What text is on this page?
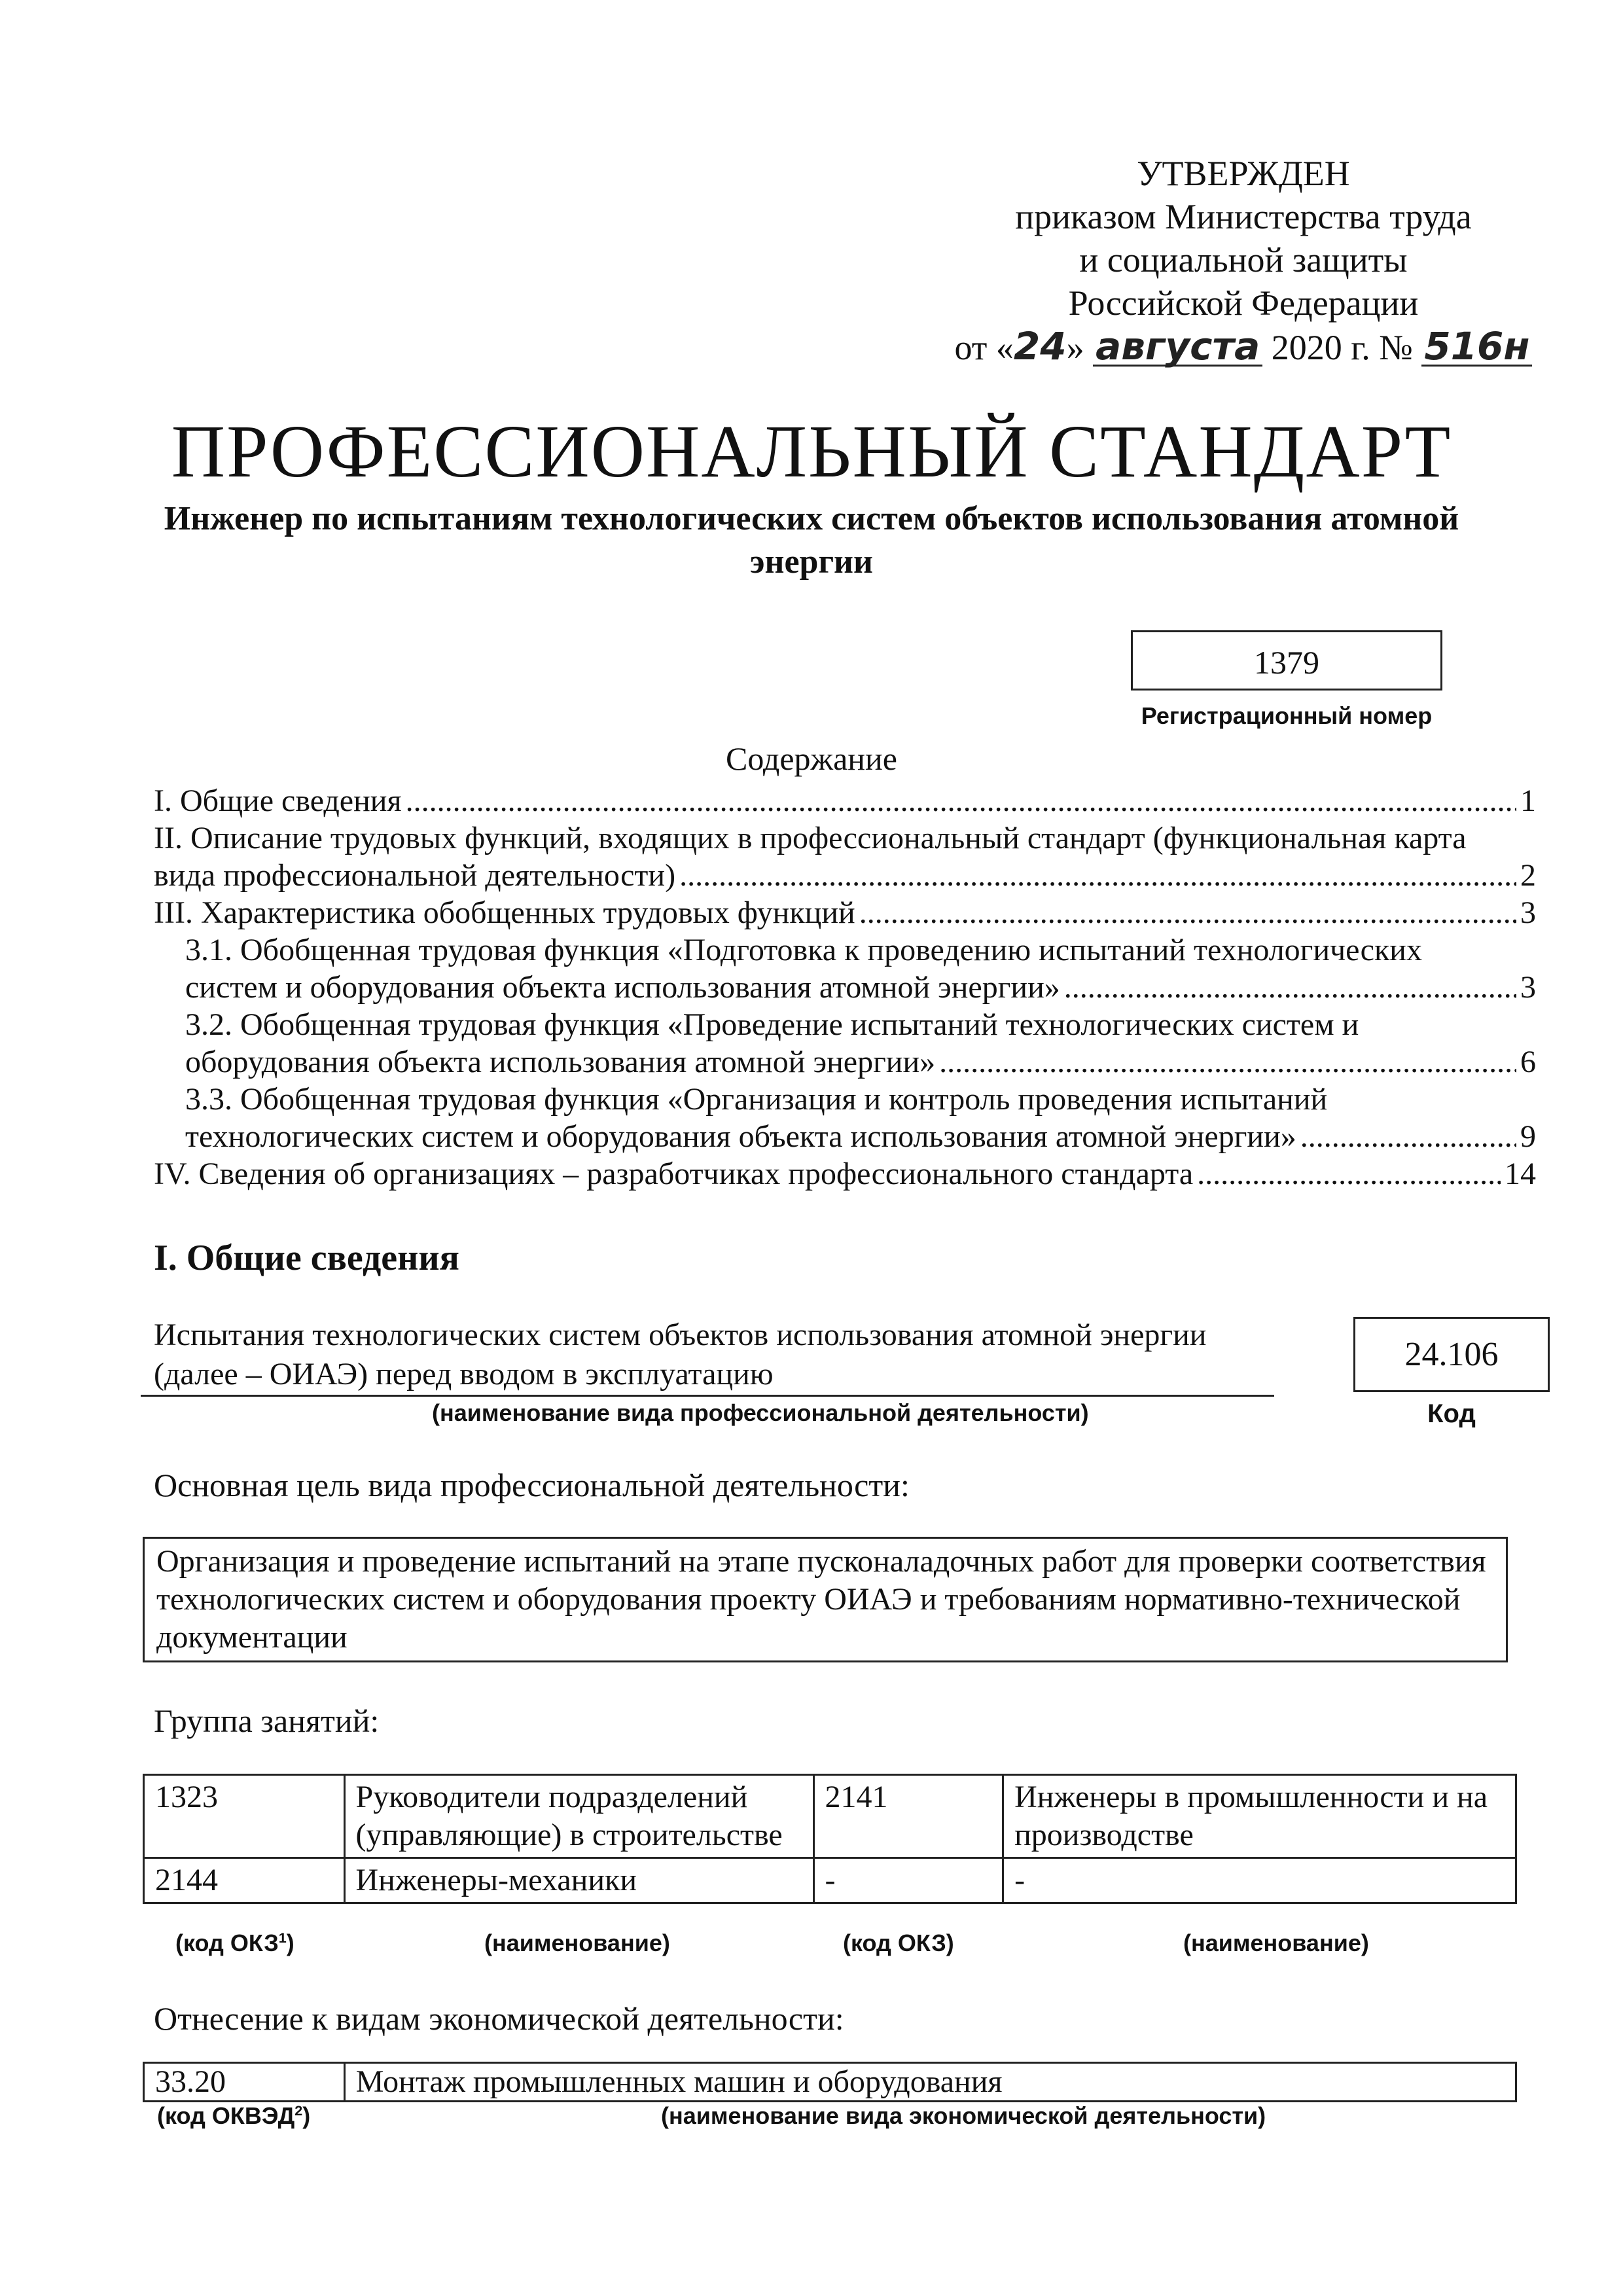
УТВЕРЖДЕН
приказом Министерства труда
и социальной защиты
Российской Федерации
от «24» августа 2020 г. № 516н
ПРОФЕССИОНАЛЬНЫЙ СТАНДАРТ
Инженер по испытаниям технологических систем объектов использования атомной энергии
1379
Регистрационный номер
Содержание
I. Общие сведения . . .	1
II. Описание трудовых функций, входящих в профессиональный стандарт (функциональная карта
вида профессиональной деятельности) . . .	2
III. Характеристика обобщенных трудовых функций . . .	3
3.1. Обобщенная трудовая функция «Подготовка к проведению испытаний технологических
систем и оборудования объекта использования атомной энергии» . . .	3
3.2. Обобщенная трудовая функция «Проведение испытаний технологических систем и
оборудования объекта использования атомной энергии» . . .	6
3.3. Обобщенная трудовая функция «Организация и контроль проведения испытаний
технологических систем и оборудования объекта использования атомной энергии» . . .	9
IV. Сведения об организациях – разработчиках профессионального стандарта . . .	14
I. Общие сведения
Испытания технологических систем объектов использования атомной энергии (далее – ОИАЭ) перед вводом в эксплуатацию
(наименование вида профессиональной деятельности)
24.106
Код
Основная цель вида профессиональной деятельности:
Организация и проведение испытаний на этапе пусконаладочных работ для проверки соответствия технологических систем и оборудования проекту ОИАЭ и требованиям нормативно-технической документации
Группа занятий:
1323	Руководители подразделений (управляющие) в строительстве	2141	Инженеры в промышленности и на производстве
2144	Инженеры-механики	-	-
(код ОКЗ$^1$)	(наименование)	(код ОКЗ)	(наименование)
Отнесение к видам экономической деятельности:
33.20	Монтаж промышленных машин и оборудования
(код ОКВЭД$^2$)	(наименование вида экономической деятельности)
